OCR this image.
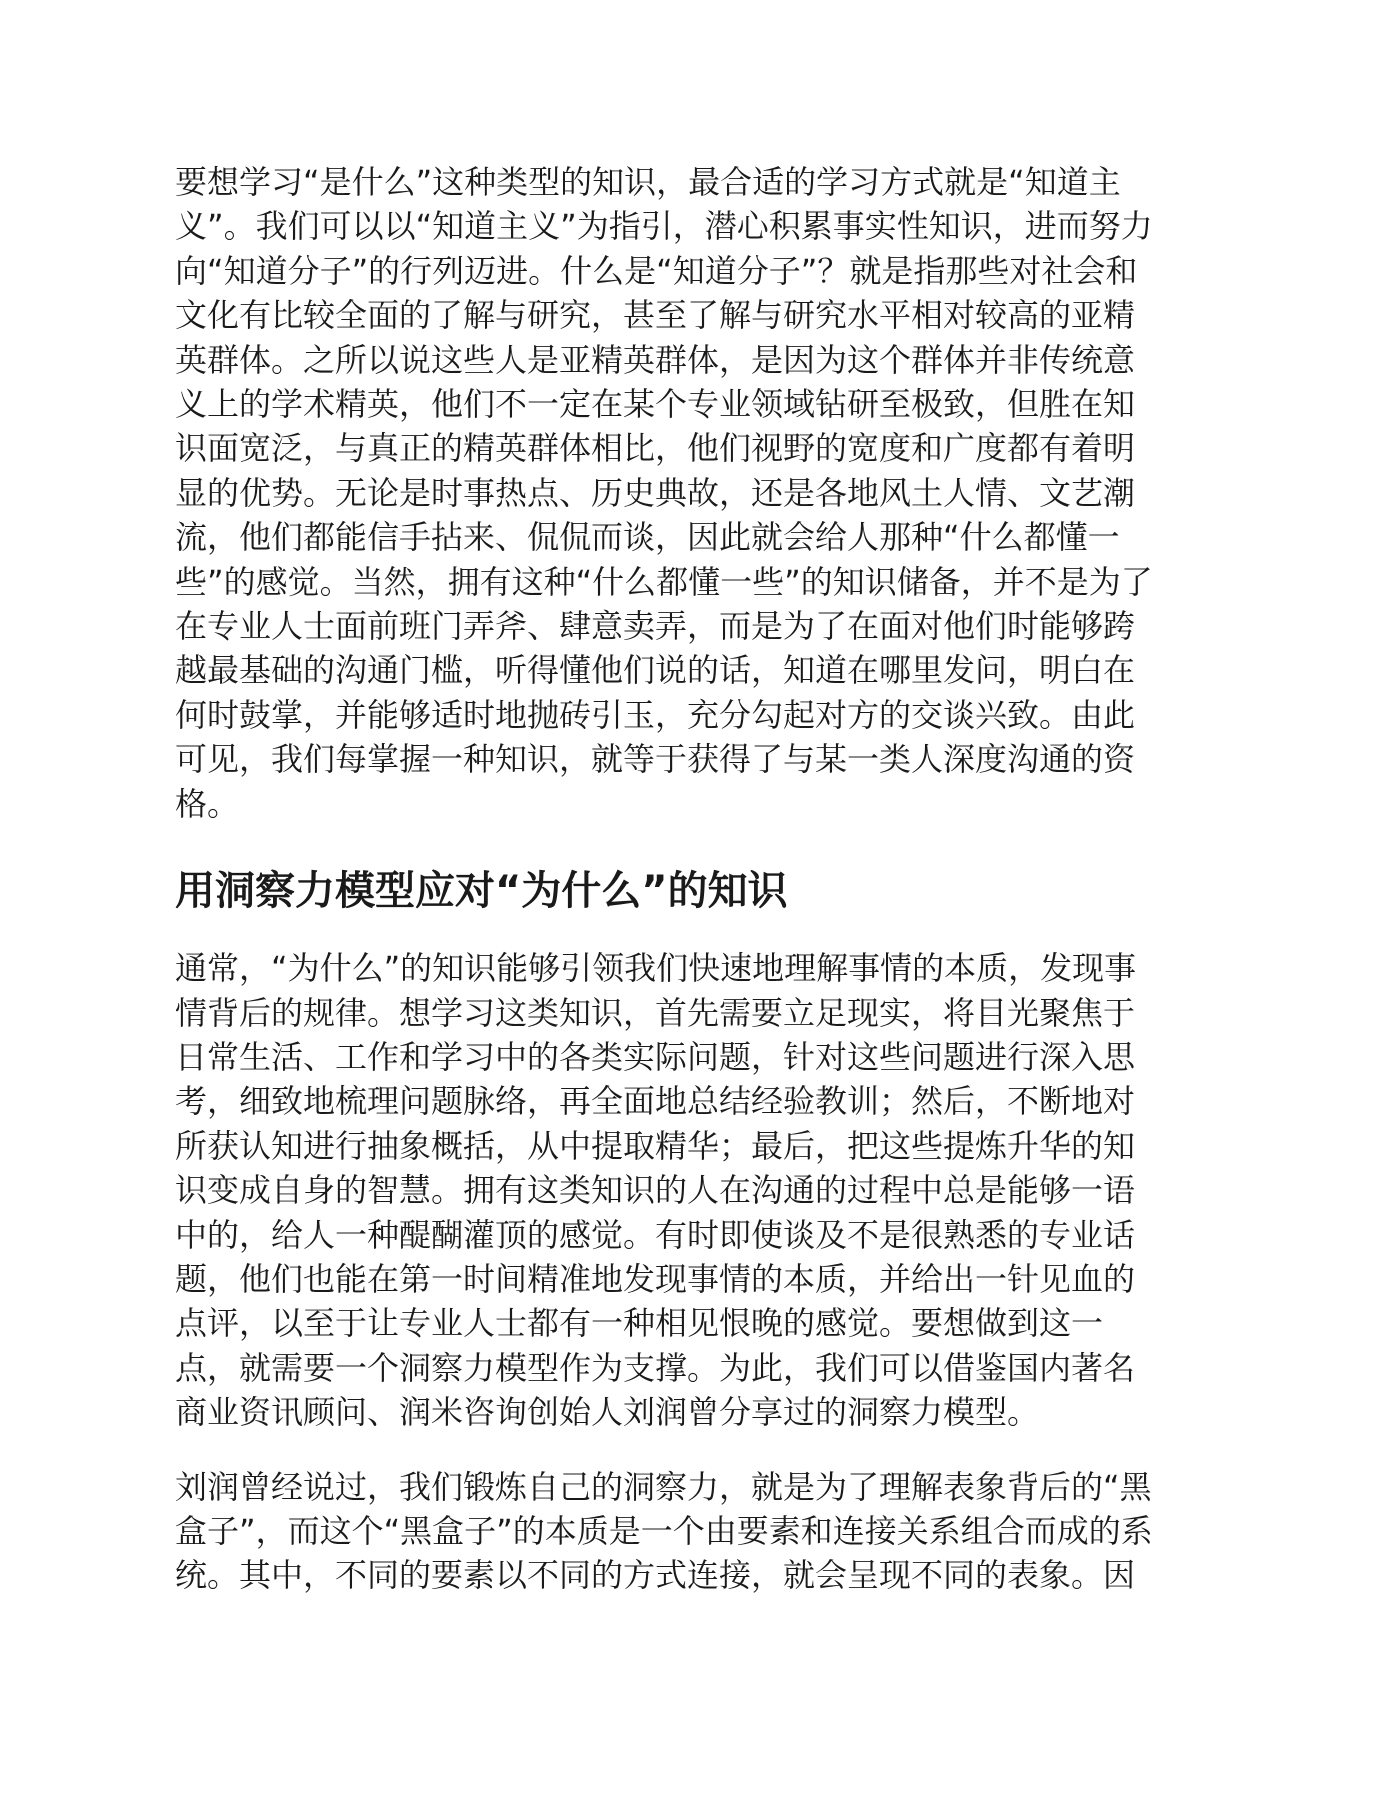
要想学习“是什么”这种类型的知识，最合适的学习方式就是“知道主
义”。我们可以以“知道主义”为指引，潜心积累事实性知识，进而努力
向“知道分子”的行列迈进。什么是“知道分子”？就是指那些对社会和
文化有比较全面的了解与研究，甚至了解与研究水平相对较高的亚精
英群体。之所以说这些人是亚精英群体，是因为这个群体并非传统意
义上的学术精英，他们不一定在某个专业领域钻研至极致，但胜在知
识面宽泛，与真正的精英群体相比，他们视野的宽度和广度都有着明
显的优势。无论是时事热点、历史典故，还是各地风土人情、文艺潮
流，他们都能信手拈来、侃侃而谈，因此就会给人那种“什么都懂一
些”的感觉。当然，拥有这种“什么都懂一些”的知识储备，并不是为了
在专业人士面前班门弄斧、肆意卖弄，而是为了在面对他们时能够跨
越最基础的沟通门槛，听得懂他们说的话，知道在哪里发问，明白在
何时鼓掌，并能够适时地抛砖引玉，充分勾起对方的交谈兴致。由此
可见，我们每掌握一种知识，就等于获得了与某一类人深度沟通的资
格。

用洞察力模型应对“为什么”的知识

通常，“为什么”的知识能够引领我们快速地理解事情的本质，发现事
情背后的规律。想学习这类知识，首先需要立足现实，将目光聚焦于
日常生活、工作和学习中的各类实际问题，针对这些问题进行深入思
考，细致地梳理问题脉络，再全面地总结经验教训；然后，不断地对
所获认知进行抽象概括，从中提取精华；最后，把这些提炼升华的知
识变成自身的智慧。拥有这类知识的人在沟通的过程中总是能够一语
中的，给人一种醍醐灌顶的感觉。有时即使谈及不是很熟悉的专业话
题，他们也能在第一时间精准地发现事情的本质，并给出一针见血的
点评，以至于让专业人士都有一种相见恨晚的感觉。要想做到这一
点，就需要一个洞察力模型作为支撑。为此，我们可以借鉴国内著名
商业资讯顾问、润米咨询创始人刘润曾分享过的洞察力模型。

刘润曾经说过，我们锻炼自己的洞察力，就是为了理解表象背后的“黑
盒子”，而这个“黑盒子”的本质是一个由要素和连接关系组合而成的系
统。其中，不同的要素以不同的方式连接，就会呈现不同的表象。因
